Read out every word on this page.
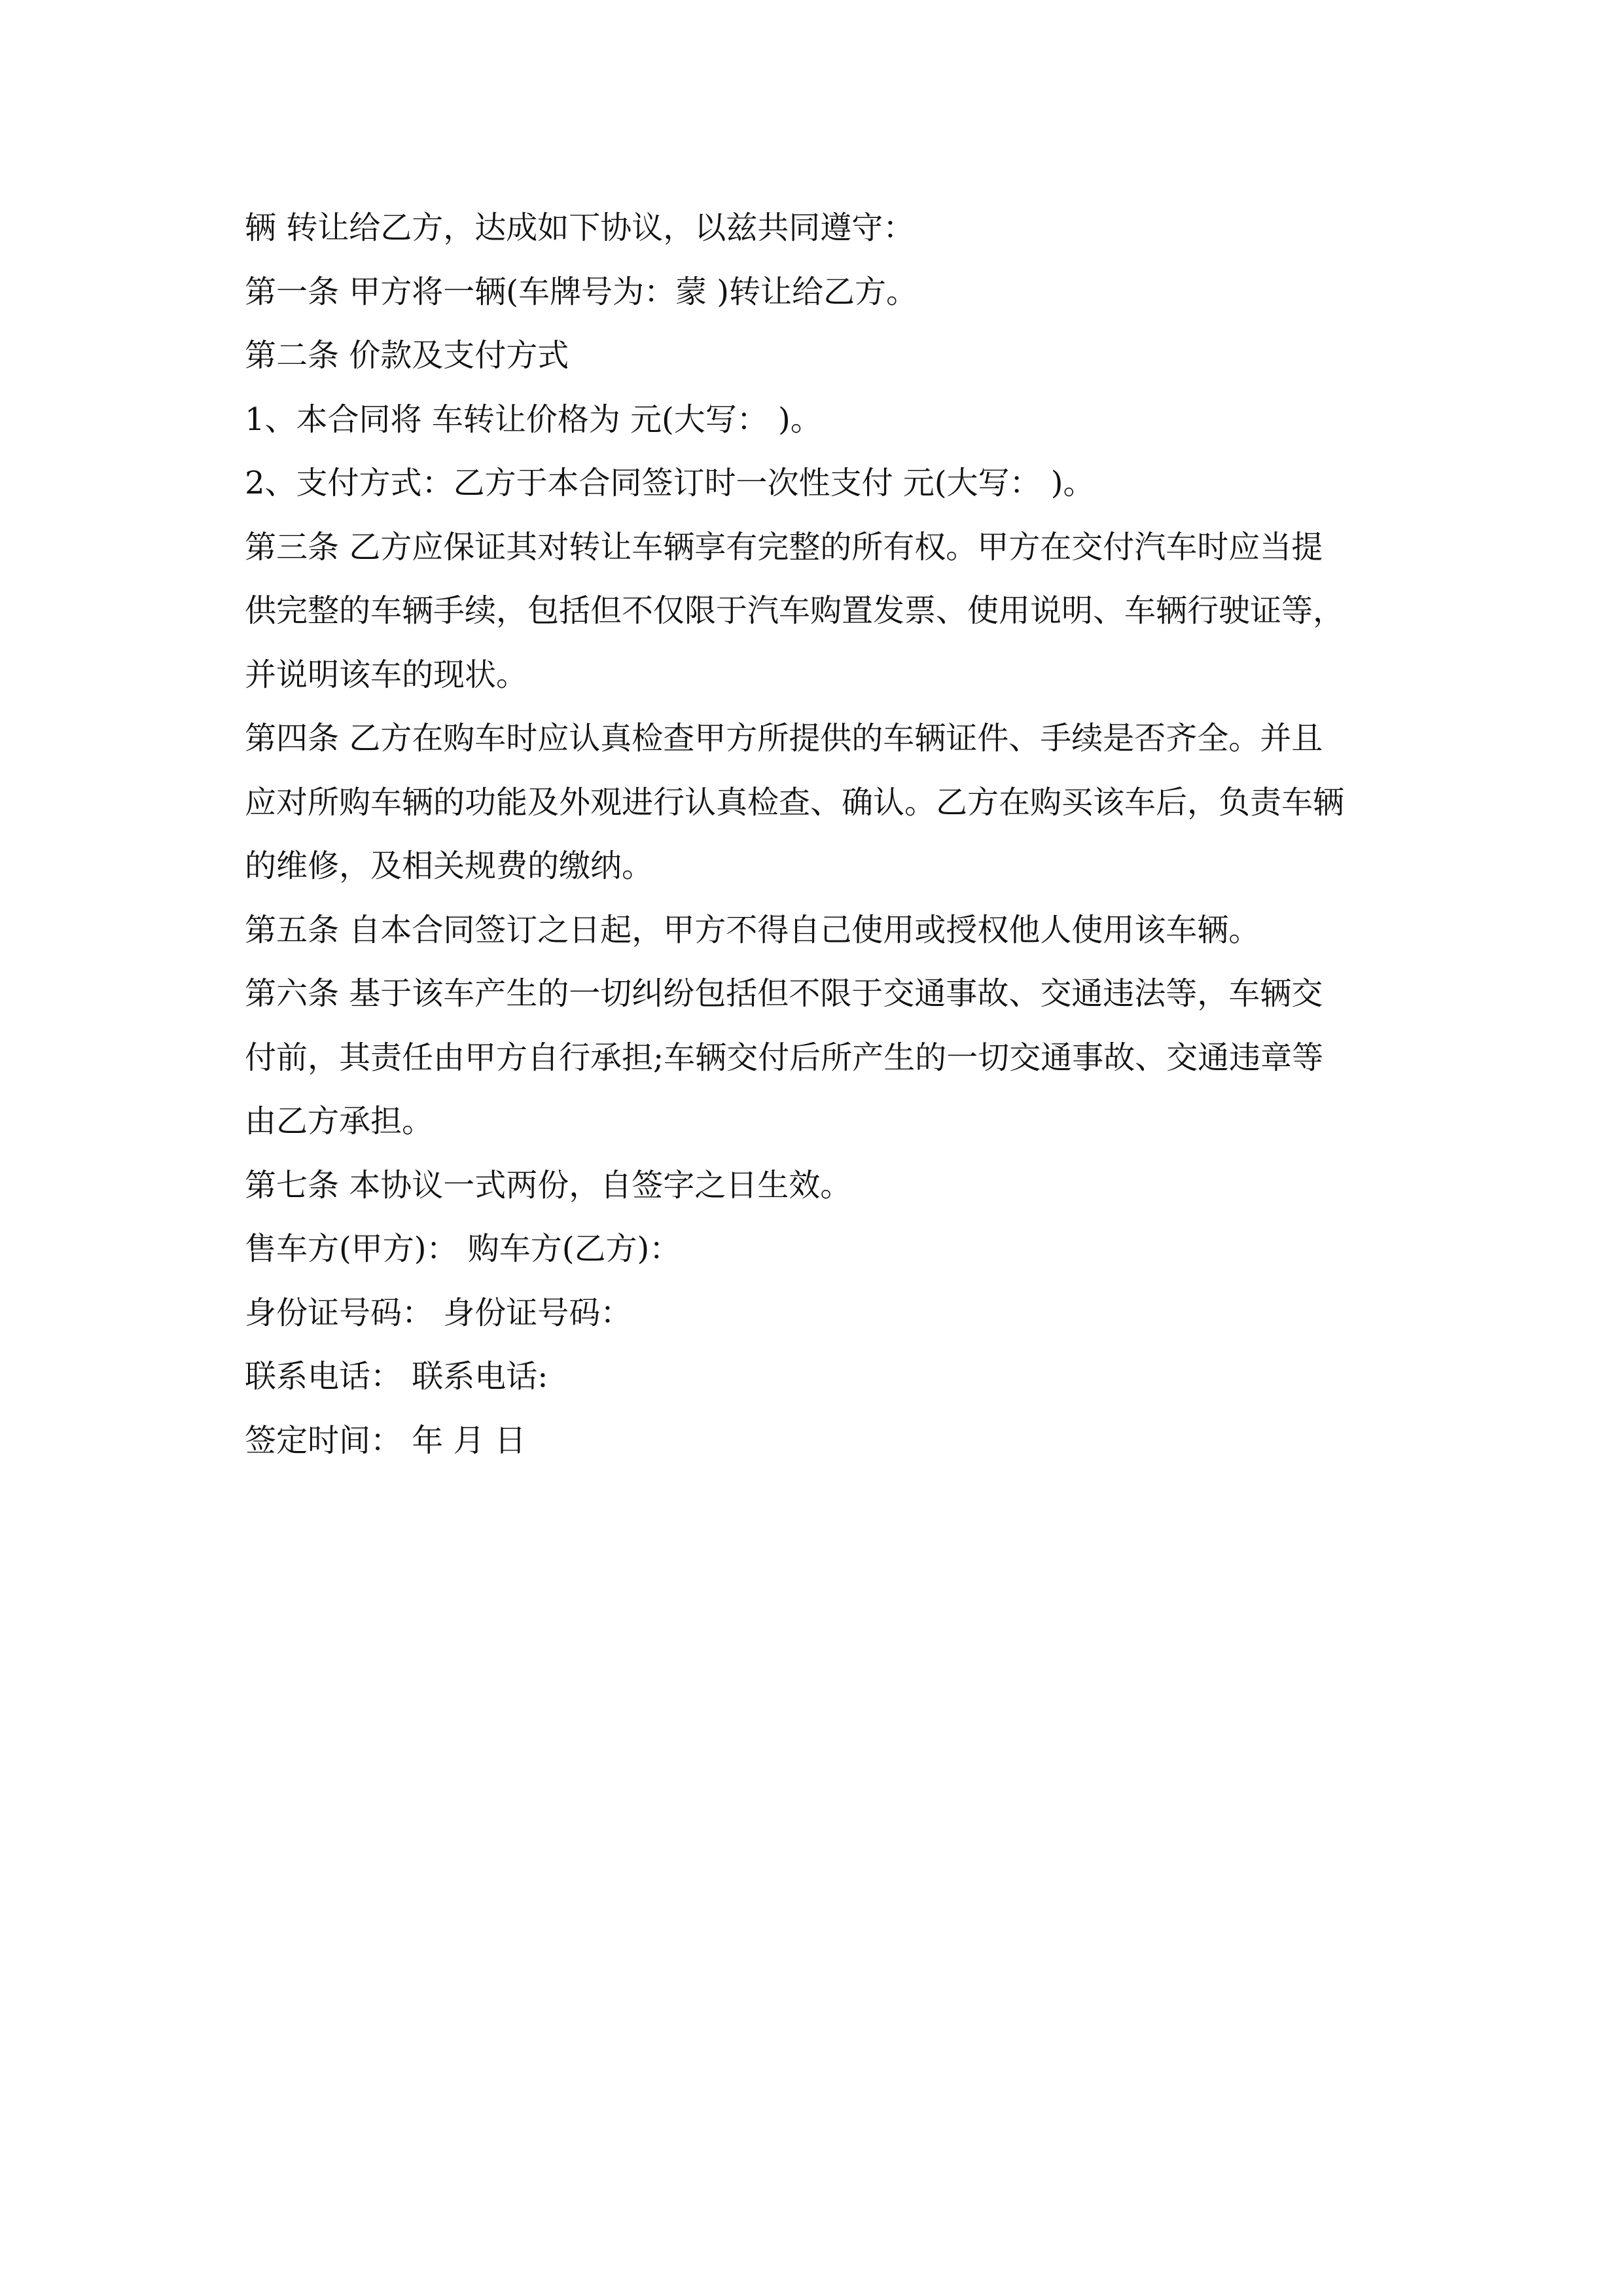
辆 转让给乙方，达成如下协议，以兹共同遵守：

第一条 甲方将一辆(车牌号为：蒙 )转让给乙方。

第二条 价款及支付方式

1、本合同将 车转让价格为 元(大写： )。

2、支付方式：乙方于本合同签订时一次性支付 元(大写： )。

第三条 乙方应保证其对转让车辆享有完整的所有权。甲方在交付汽车时应当提

供完整的车辆手续，包括但不仅限于汽车购置发票、使用说明、车辆行驶证等，

并说明该车的现状。

第四条 乙方在购车时应认真检查甲方所提供的车辆证件、手续是否齐全。并且

应对所购车辆的功能及外观进行认真检查、确认。乙方在购买该车后，负责车辆

的维修，及相关规费的缴纳。

第五条 自本合同签订之日起，甲方不得自己使用或授权他人使用该车辆。

第六条 基于该车产生的一切纠纷包括但不限于交通事故、交通违法等，车辆交

付前，其责任由甲方自行承担;车辆交付后所产生的一切交通事故、交通违章等

由乙方承担。

第七条 本协议一式两份，自签字之日生效。

售车方(甲方)： 购车方(乙方)：

身份证号码： 身份证号码：

联系电话： 联系电话:

签定时间： 年 月 日
